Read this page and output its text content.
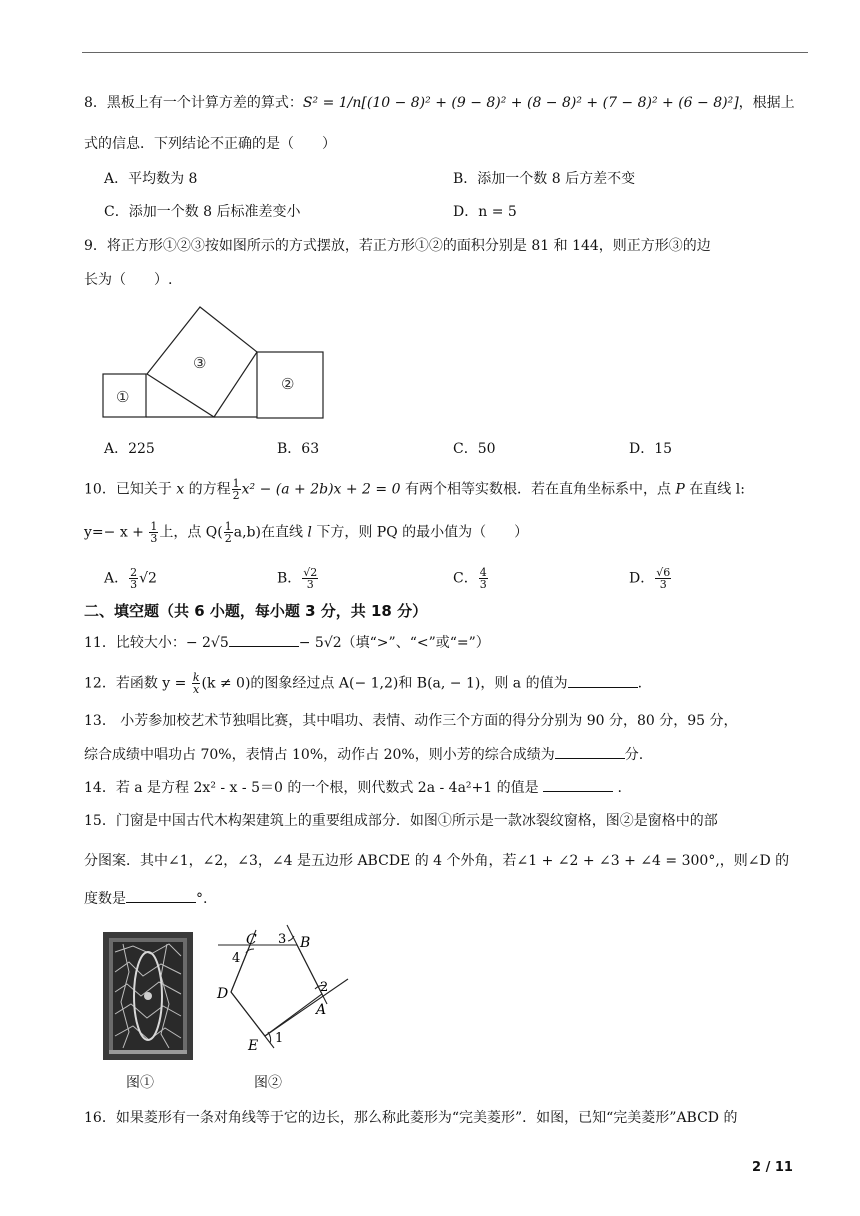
8．黑板上有一个计算方差的算式：S² = 1/n[(10 − 8)² + (9 − 8)² + (8 − 8)² + (7 − 8)² + (6 − 8)²]，根据上
式的信息．下列结论不正确的是（　　）
A．平均数为 8	B．添加一个数 8 后方差不变
C．添加一个数 8 后标准差变小	D．n = 5
9．将正方形①②③按如图所示的方式摆放，若正方形①②的面积分别是 81 和 144，则正方形③的边
长为（　　）.
①
②
③
A．225	B．63	C．50	D．15
10．已知关于 x 的方程 $\frac{1}{2} x^2 - (a + 2b)x + 2 = 0$ 有两个相等实数根．若在直角坐标系中，点 P 在直线 l:
$y=- x + \frac{1}{3}$ 上，点 $Q( \frac{1}{2} a,b)$在直线 l 下方，则 PQ 的最小值为（　　）
A． $\frac{2}{3} √2$	B． $\frac{√2}{3}$	C． $\frac{4}{3}$	D． $\frac{√6}{3}$
二、填空题（共 6 小题，每小题 3 分，共 18 分）
11．比较大小：− 2√5	− 5√2（填“>”、“<”或“=”）
12．若函数 $y = \frac{k}{x} (k \ne 0)$的图象经过点 A(− 1,2)和 B(a, − 1)，则 a 的值为	.
13． 小芳参加校艺术节独唱比赛，其中唱功、表情、动作三个方面的得分分别为 90 分，80 分，95 分，
综合成绩中唱功占 70%，表情占 10%，动作占 20%，则小芳的综合成绩为	分.
14．若 a 是方程 2x² - x - 5＝0 的一个根，则代数式 2a - 4a²+1 的值是	.
15．门窗是中国古代木构架建筑上的重要组成部分．如图①所示是一款冰裂纹窗格，图②是窗格中的部
分图案．其中∠1，∠2，∠3，∠4 是五边形 ABCDE 的 4 个外角，若∠1 + ∠2 + ∠3 + ∠4 = 300°,，则∠D 的
度数是	°.
图①
C	B
D
A
E
3
4
2
1
图②
16．如果菱形有一条对角线等于它的边长，那么称此菱形为“完美菱形”．如图，已知“完美菱形”ABCD 的
2 / 11
